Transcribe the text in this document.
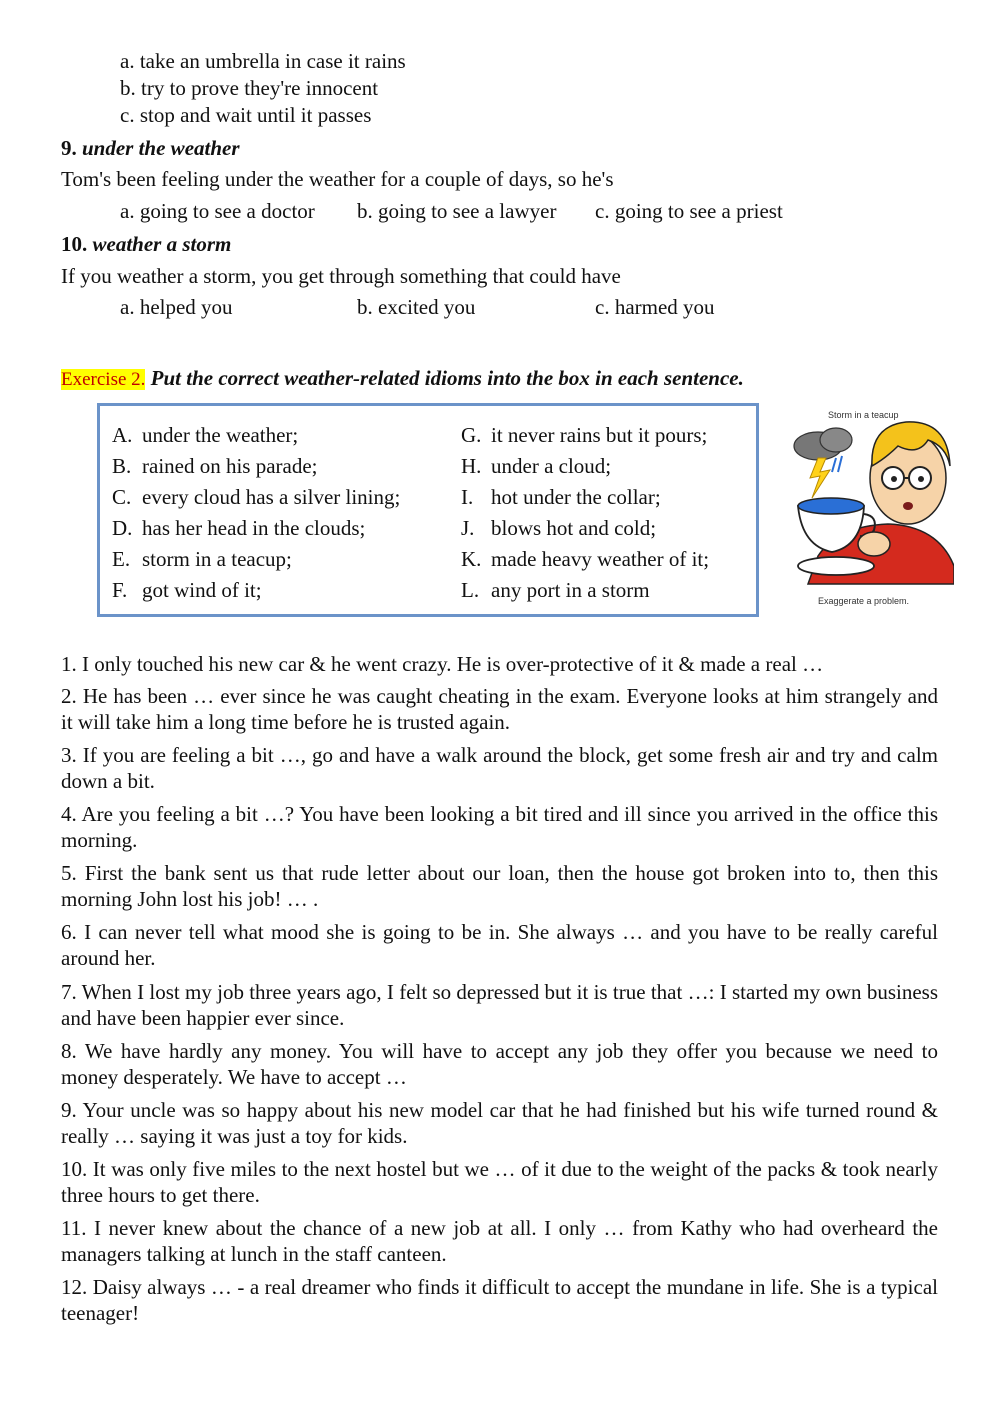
a. take an umbrella in case it rains
b. try to prove they're innocent
c. stop and wait until it passes
9. under the weather
Tom's been feeling under the weather for a couple of days, so he's
a. going to see a doctor b. going to see a lawyer c. going to see a priest
10. weather a storm
If you weather a storm, you get through something that could have
a. helped you	b. excited you	c. harmed you
Exercise 2. Put the correct weather-related idioms into the box in each sentence.
A. under the weather;
B. rained on his parade;
C. every cloud has a silver lining;
D. has her head in the clouds;
E. storm in a teacup;
F. got wind of it;
G. it never rains but it pours;
H. under a cloud;
I. hot under the collar;
J. blows hot and cold;
K. made heavy weather of it;
L. any port in a storm
Storm in a teacup
Exaggerate a problem.
1. I only touched his new car & he went crazy. He is over-protective of it & made a real …
2. He has been … ever since he was caught cheating in the exam. Everyone looks at him strangely and it will take him a long time before he is trusted again.
3. If you are feeling a bit …, go and have a walk around the block, get some fresh air and try and calm down a bit.
4. Are you feeling a bit …? You have been looking a bit tired and ill since you arrived in the office this morning.
5. First the bank sent us that rude letter about our loan, then the house got broken into to, then this morning John lost his job! … .
6. I can never tell what mood she is going to be in. She always … and you have to be really careful around her.
7. When I lost my job three years ago, I felt so depressed but it is true that …: I started my own business and have been happier ever since.
8. We have hardly any money. You will have to accept any job they offer you because we need to money desperately. We have to accept …
9. Your uncle was so happy about his new model car that he had finished but his wife turned round & really … saying it was just a toy for kids.
10. It was only five miles to the next hostel but we … of it due to the weight of the packs & took nearly three hours to get there.
11. I never knew about the chance of a new job at all. I only … from Kathy who had overheard the managers talking at lunch in the staff canteen.
12. Daisy always … - a real dreamer who finds it difficult to accept the mundane in life. She is a typical teenager!
